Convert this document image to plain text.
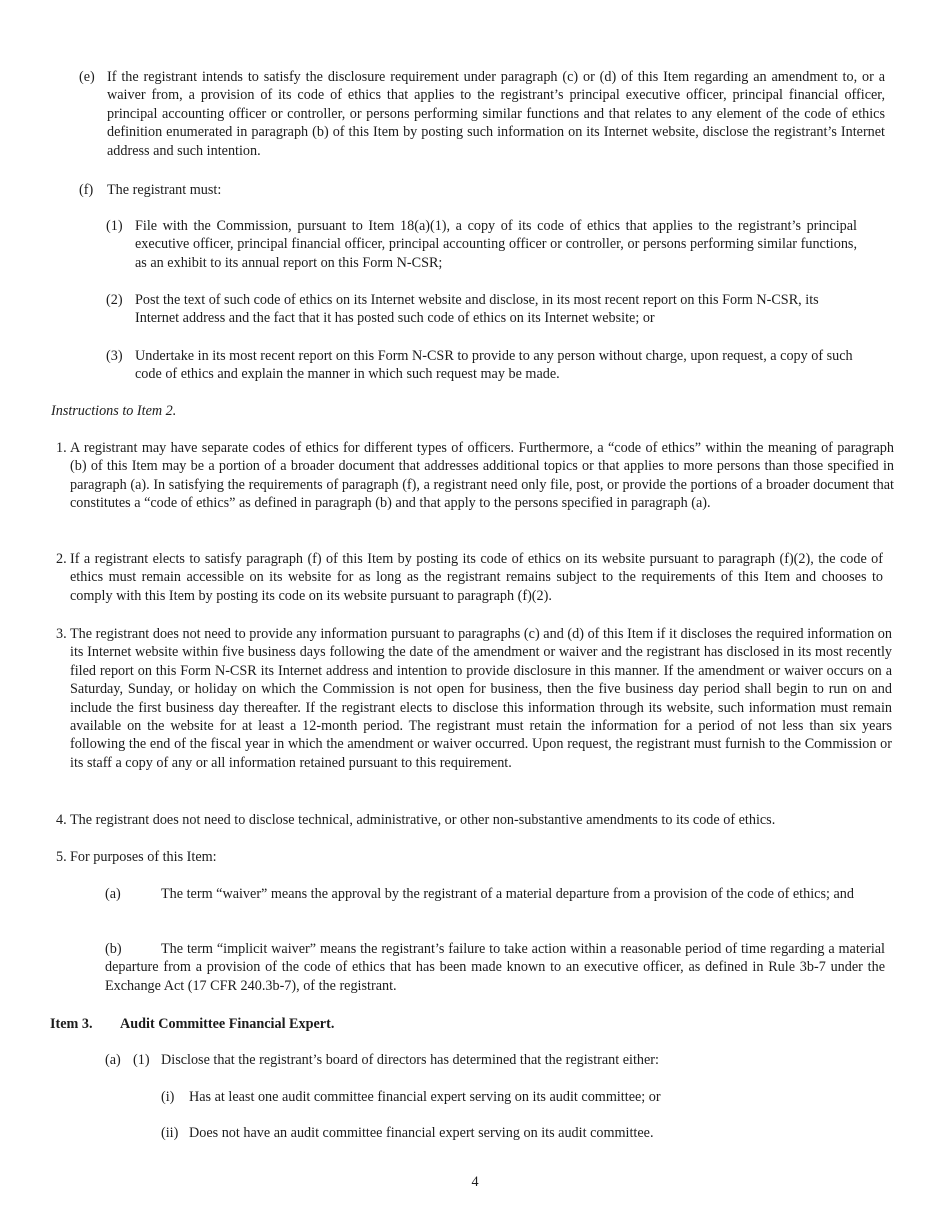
(e) If the registrant intends to satisfy the disclosure requirement under paragraph (c) or (d) of this Item regarding an amendment to, or a waiver from, a provision of its code of ethics that applies to the registrant’s principal executive officer, principal financial officer, principal accounting officer or controller, or persons performing similar functions and that relates to any element of the code of ethics definition enumerated in paragraph (b) of this Item by posting such information on its Internet website, disclose the registrant’s Internet address and such intention.
(f) The registrant must:
(1) File with the Commission, pursuant to Item 18(a)(1), a copy of its code of ethics that applies to the registrant’s principal executive officer, principal financial officer, principal accounting officer or controller, or persons performing similar functions, as an exhibit to its annual report on this Form N-CSR;
(2) Post the text of such code of ethics on its Internet website and disclose, in its most recent report on this Form N-CSR, its Internet address and the fact that it has posted such code of ethics on its Internet website; or
(3) Undertake in its most recent report on this Form N-CSR to provide to any person without charge, upon request, a copy of such code of ethics and explain the manner in which such request may be made.
Instructions to Item 2.
1. A registrant may have separate codes of ethics for different types of officers. Furthermore, a “code of ethics” within the meaning of paragraph (b) of this Item may be a portion of a broader document that addresses additional topics or that applies to more persons than those specified in paragraph (a). In satisfying the requirements of paragraph (f), a registrant need only file, post, or provide the portions of a broader document that constitutes a “code of ethics” as defined in paragraph (b) and that apply to the persons specified in paragraph (a).
2. If a registrant elects to satisfy paragraph (f) of this Item by posting its code of ethics on its website pursuant to paragraph (f)(2), the code of ethics must remain accessible on its website for as long as the registrant remains subject to the requirements of this Item and chooses to comply with this Item by posting its code on its website pursuant to paragraph (f)(2).
3. The registrant does not need to provide any information pursuant to paragraphs (c) and (d) of this Item if it discloses the required information on its Internet website within five business days following the date of the amendment or waiver and the registrant has disclosed in its most recently filed report on this Form N-CSR its Internet address and intention to provide disclosure in this manner. If the amendment or waiver occurs on a Saturday, Sunday, or holiday on which the Commission is not open for business, then the five business day period shall begin to run on and include the first business day thereafter. If the registrant elects to disclose this information through its website, such information must remain available on the website for at least a 12-month period. The registrant must retain the information for a period of not less than six years following the end of the fiscal year in which the amendment or waiver occurred. Upon request, the registrant must furnish to the Commission or its staff a copy of any or all information retained pursuant to this requirement.
4. The registrant does not need to disclose technical, administrative, or other non-substantive amendments to its code of ethics.
5. For purposes of this Item:
(a)	The term “waiver” means the approval by the registrant of a material departure from a provision of the code of ethics; and
(b)	The term “implicit waiver” means the registrant’s failure to take action within a reasonable period of time regarding a material departure from a provision of the code of ethics that has been made known to an executive officer, as defined in Rule 3b-7 under the Exchange Act (17 CFR 240.3b-7), of the registrant.
Item 3. Audit Committee Financial Expert.
(a) (1) Disclose that the registrant’s board of directors has determined that the registrant either:
(i) Has at least one audit committee financial expert serving on its audit committee; or
(ii) Does not have an audit committee financial expert serving on its audit committee.
4
